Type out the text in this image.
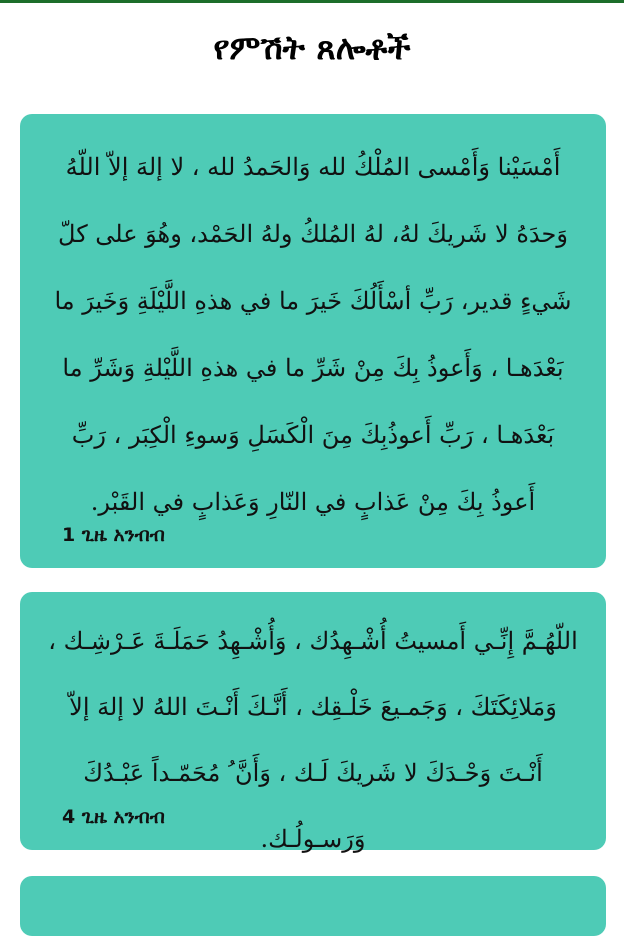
የምሽት ጸሎቶች

أَمْسَيْنا وَأَمْسى المُلْكُ لله وَالحَمدُ لله ، لا إلهَ إلاّ اللّهُ وَحدَهُ لا شَريكَ لهُ، لهُ المُلكُ ولهُ الحَمْد، وهُوَ على كلّ شَيءٍ قدير، رَبِّ أسْأَلُكَ خَيرَ ما في هذهِ اللَّيْلَةِ وَخَيرَ ما بَعْدَهـا ، وَأَعوذُ بِكَ مِنْ شَرِّ ما في هذهِ اللَّيْلةِ وَشَرِّ ما بَعْدَهـا ، رَبِّ أَعوذُبِكَ مِنَ الْكَسَلِ وَسوءِ الْكِبَر ، رَبِّ أَعوذُ بِكَ مِنْ عَذابٍ في النّارِ وَعَذابٍ في القَبْر.

1 ጊዜ አንብብ

اللّهُـمَّ إِنِّـي أَمسيتُ أُشْـهِدُك ، وَأُشْـهِدُ حَمَلَـةَ عَـرْشِـك ، وَمَلائِكَتَكَ ، وَجَمـيعَ خَلْـقِك ، أَنَّـكَ أَنْـتَ اللهُ لا إلهَ إلاّ أَنْـتَ وَحْـدَكَ لا شَريكَ لَـك ، وَأَنَّ ُ مُحَمّـداً عَبْـدُكَ وَرَسـولُـك.

4 ጊዜ አንብብ
